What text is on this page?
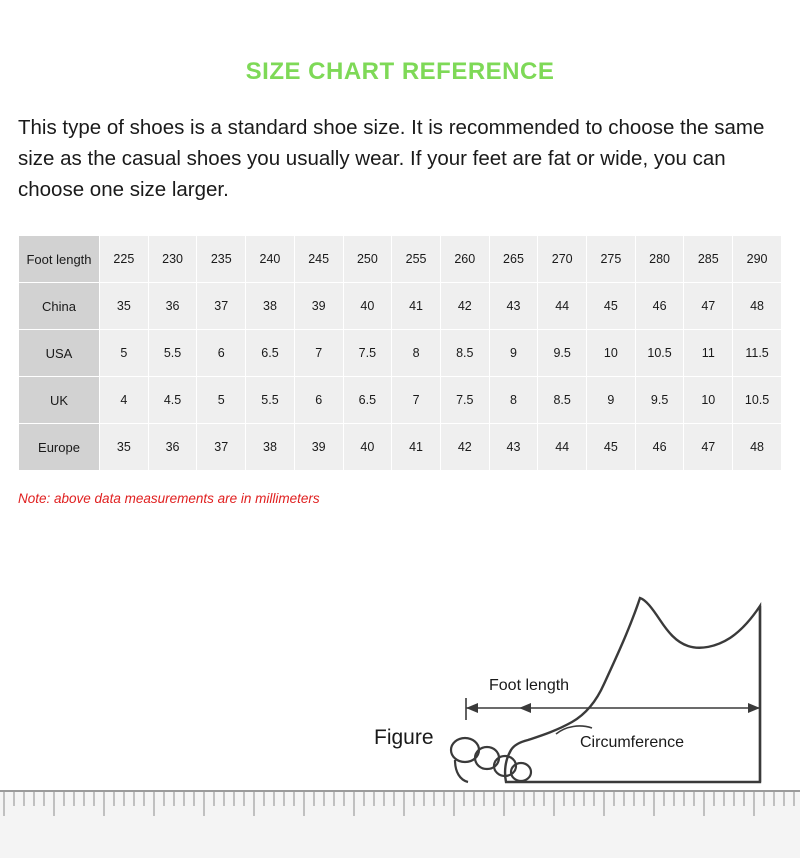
SIZE CHART REFERENCE
This type of shoes is a standard shoe size. It is recommended to choose the same size as the casual shoes you usually wear. If your feet are fat or wide, you can choose one size larger.
Foot length	225	230	235	240	245	250	255	260	265	270	275	280	285	290
China	35	36	37	38	39	40	41	42	43	44	45	46	47	48
USA	5	5.5	6	6.5	7	7.5	8	8.5	9	9.5	10	10.5	11	11.5
UK	4	4.5	5	5.5	6	6.5	7	7.5	8	8.5	9	9.5	10	10.5
Europe	35	36	37	38	39	40	41	42	43	44	45	46	47	48
Note: above data measurements are in millimeters
Figure
Foot length
Circumference
